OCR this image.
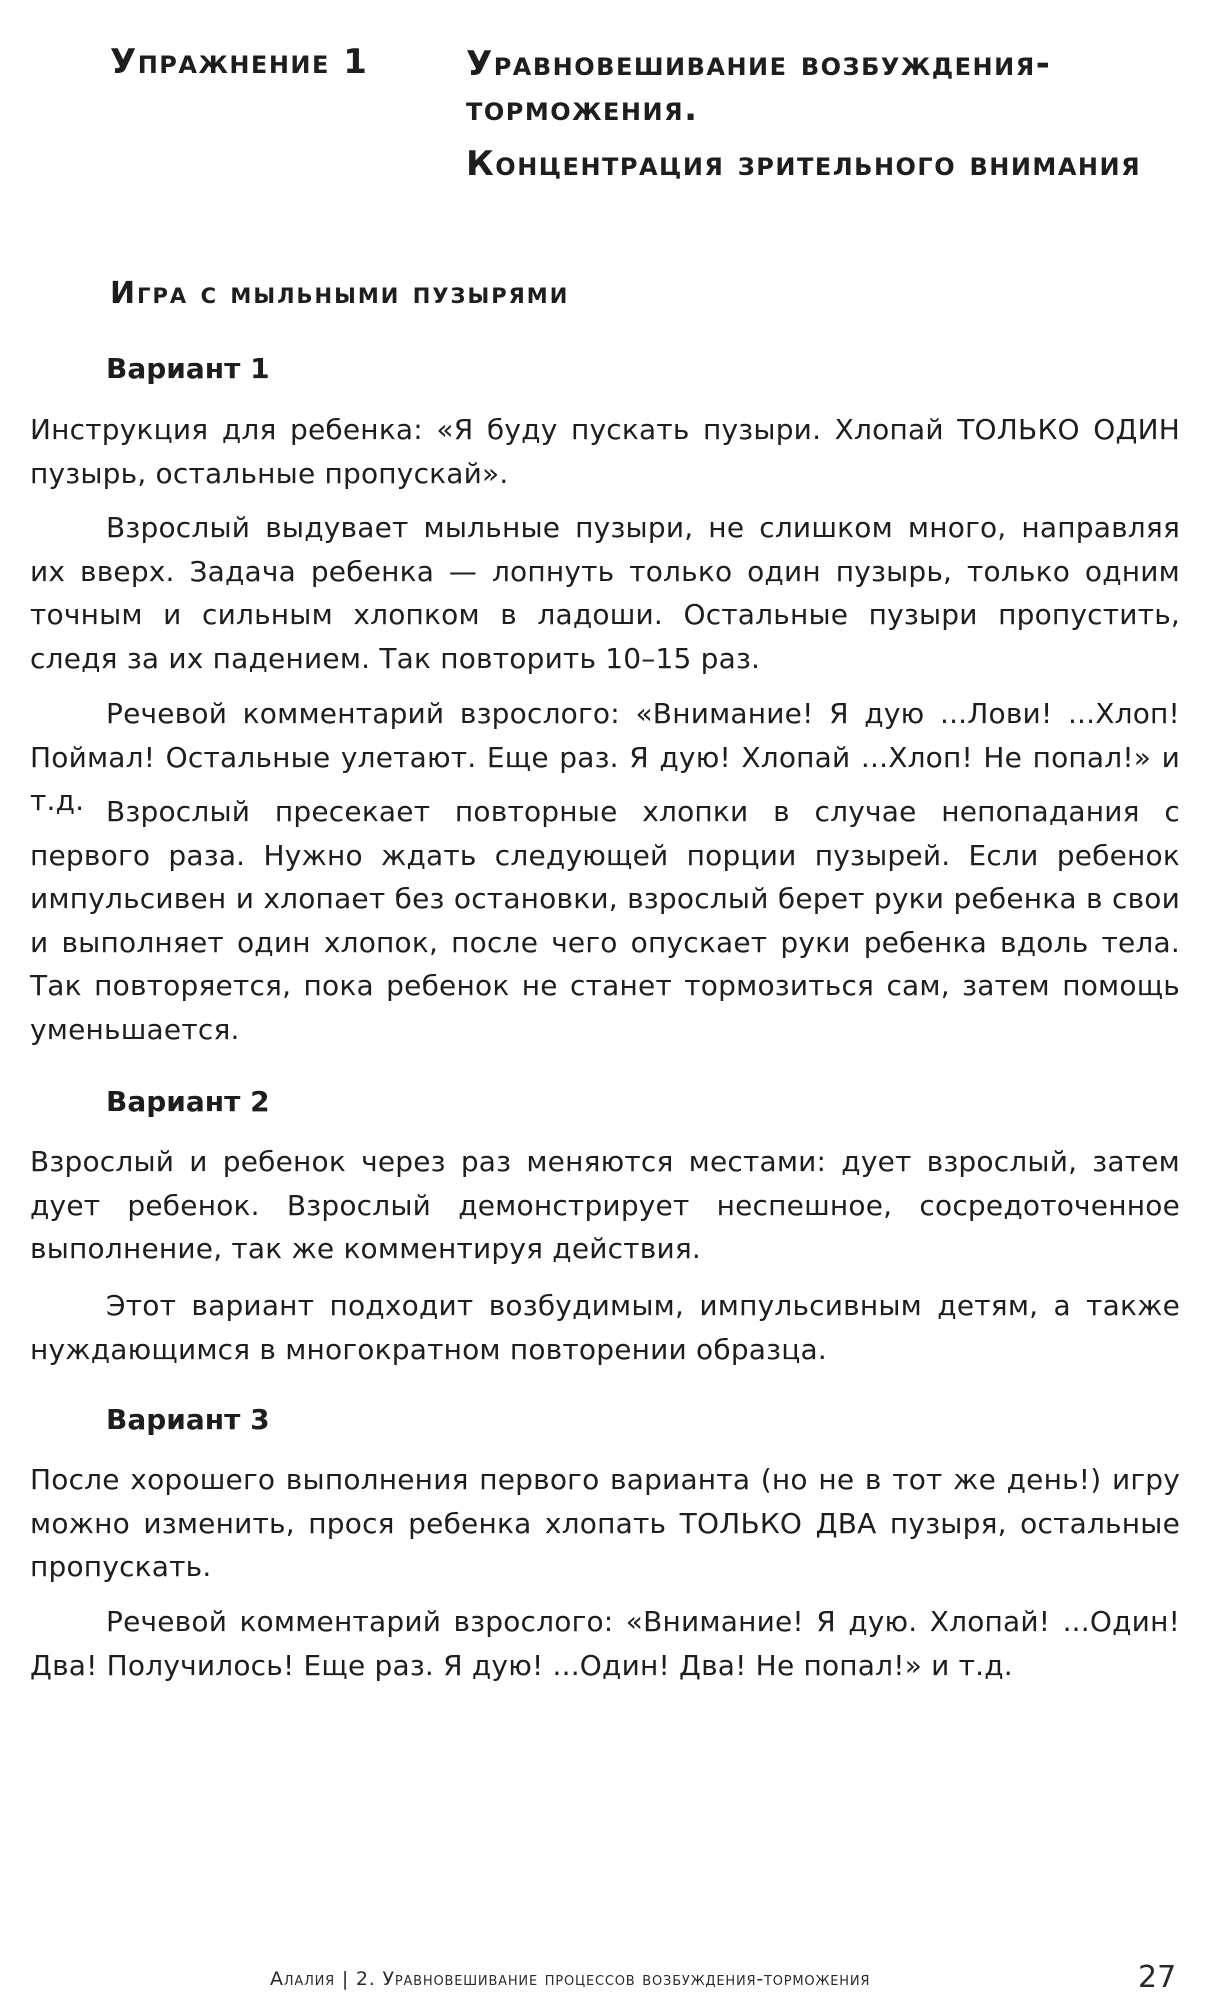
Упражнение 1	Уравновешивание возбуждения-торможения.

Концентрация зрительного внимания

Игра с мыльными пузырями
Вариант 1

Инструкция для ребенка: «Я буду пускать пузыри. Хлопай ТОЛЬКО ОДИН пузырь, остальные пропускай».

Взрослый выдувает мыльные пузыри, не слишком много, направляя их вверх. Задача ребенка — лопнуть только один пузырь, только одним точным и сильным хлопком в ладоши. Остальные пузыри пропустить, следя за их падением. Так повторить 10–15 раз.

Речевой комментарий взрослого: «Внимание! Я дую ...Лови! ...Хлоп! Поймал! Остальные улетают. Еще раз. Я дую! Хлопай ...Хлоп! Не попал!» и т.д. Взрослый пресекает повторные хлопки в случае непопадания с первого раза. Нужно ждать следующей порции пузырей. Если ребенок импульсивен и хлопает без остановки, взрослый берет руки ребенка в свои и выполняет один хлопок, после чего опускает руки ребенка вдоль тела. Так повторяется, пока ребенок не станет тормозиться сам, затем помощь уменьшается.

Вариант 2

Взрослый и ребенок через раз меняются местами: дует взрослый, затем дует ребенок. Взрослый демонстрирует неспешное, сосредоточенное выполнение, так же комментируя действия.

Этот вариант подходит возбудимым, импульсивным детям, а также нуждающимся в многократном повторении образца.

Вариант 3

После хорошего выполнения первого варианта (но не в тот же день!) игру можно изменить, прося ребенка хлопать ТОЛЬКО ДВА пузыря, остальные пропускать.

Речевой комментарий взрослого: «Внимание! Я дую. Хлопай! ...Один! Два! Получилось! Еще раз. Я дую! ...Один! Два! Не попал!» и т.д.

Алалия | 2. Уравновешивание процессов возбуждения-торможения	27
